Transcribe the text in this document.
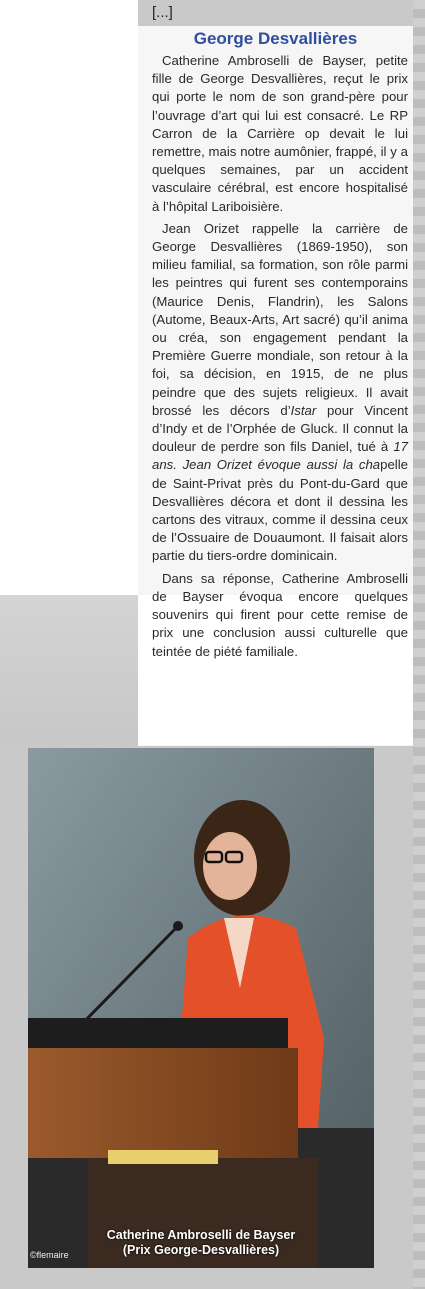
[...]
George Desvallières

Catherine Ambroselli de Bayser, petite fille de George Desvallières, reçut le prix qui porte le nom de son grand-père pour l’ouvrage d’art qui lui est consacré. Le RP Carron de la Carrière op devait le lui remettre, mais notre aumônier, frappé, il y a quelques semaines, par un accident vasculaire cérébral, est encore hospitalisé à l’hôpital Lariboisière.

Jean Orizet rappelle la carrière de George Desvallières (1869-1950), son milieu familial, sa formation, son rôle parmi les peintres qui furent ses contemporains (Maurice Denis, Flandrin), les Salons (Autome, Beaux-Arts, Art sacré) qu’il anima ou créa, son engagement pendant la Première Guerre mondiale, son retour à la foi, sa décision, en 1915, de ne plus peindre que des sujets religieux. Il avait brossé les décors d’Istar pour Vincent d’Indy et de l’Orphée de Gluck. Il connut la douleur de perdre son fils Daniel, tué à 17 ans. Jean Orizet évoque aussi la chapelle de Saint-Privat près du Pont-du-Gard que Desvallières décora et dont il dessina les cartons des vitraux, comme il dessina ceux de l’Ossuaire de Douaumont. Il faisait alors partie du tiers-ordre dominicain.

Dans sa réponse, Catherine Ambroselli de Bayser évoqua encore quelques souvenirs qui firent pour cette remise de prix une conclusion aussi culturelle que teintée de piété familiale.

Catherine Ambroselli de Bayser
(Prix George-Desvallières)
©flemaire
